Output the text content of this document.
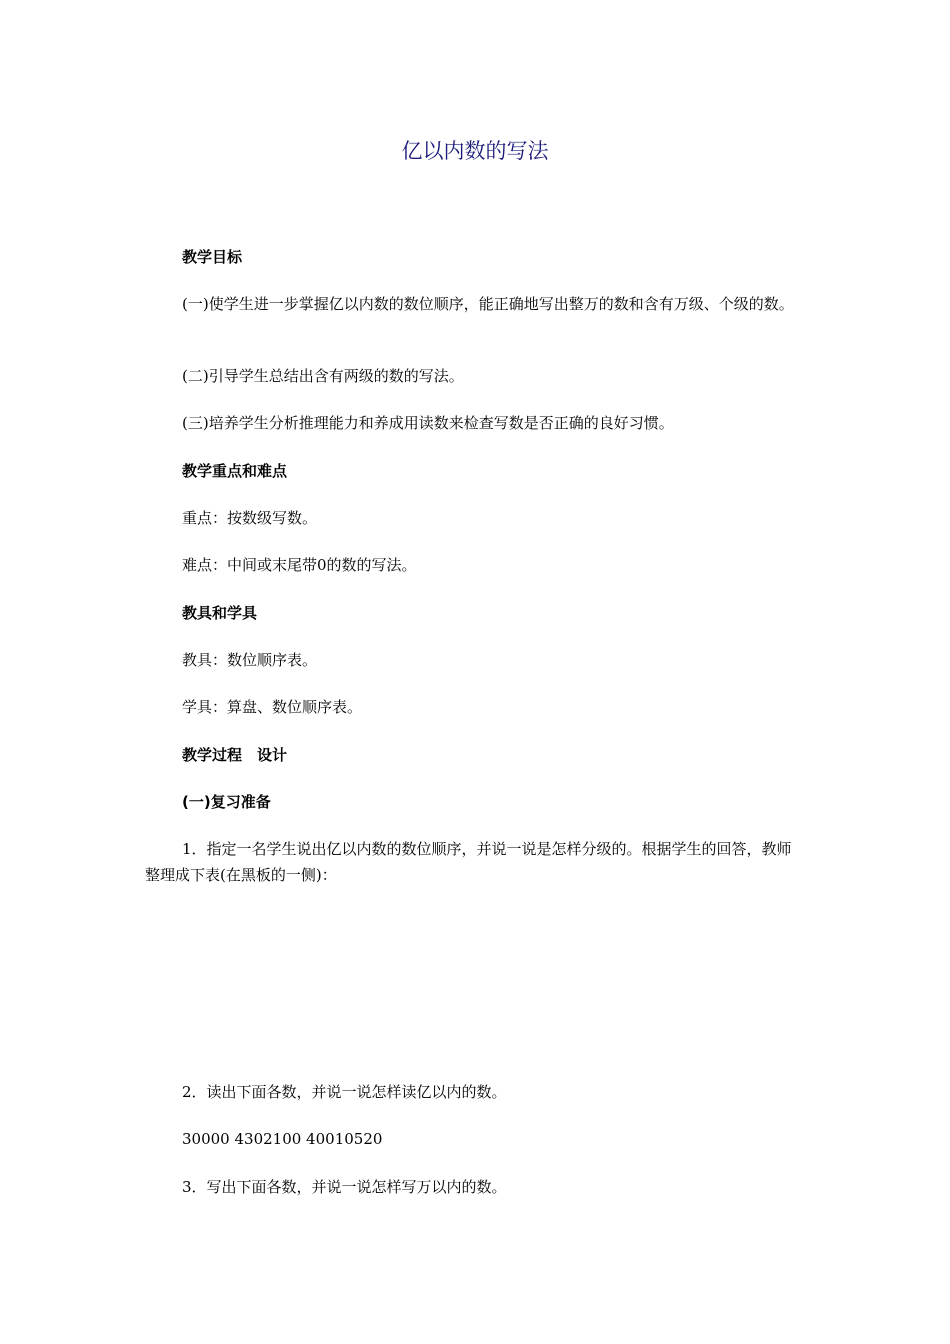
亿以内数的写法

教学目标

(一)使学生进一步掌握亿以内数的数位顺序，能正确地写出整万的数和含有万级、个级的数。

(二)引导学生总结出含有两级的数的写法。

(三)培养学生分析推理能力和养成用读数来检查写数是否正确的良好习惯。

教学重点和难点

重点：按数级写数。

难点：中间或末尾带0的数的写法。

教具和学具

教具：数位顺序表。

学具：算盘、数位顺序表。

教学过程　设计

(一)复习准备

1．指定一名学生说出亿以内数的数位顺序，并说一说是怎样分级的。根据学生的回答，教师整理成下表(在黑板的一侧)：

2．读出下面各数，并说一说怎样读亿以内的数。

30000 4302100 40010520

3．写出下面各数，并说一说怎样写万以内的数。
